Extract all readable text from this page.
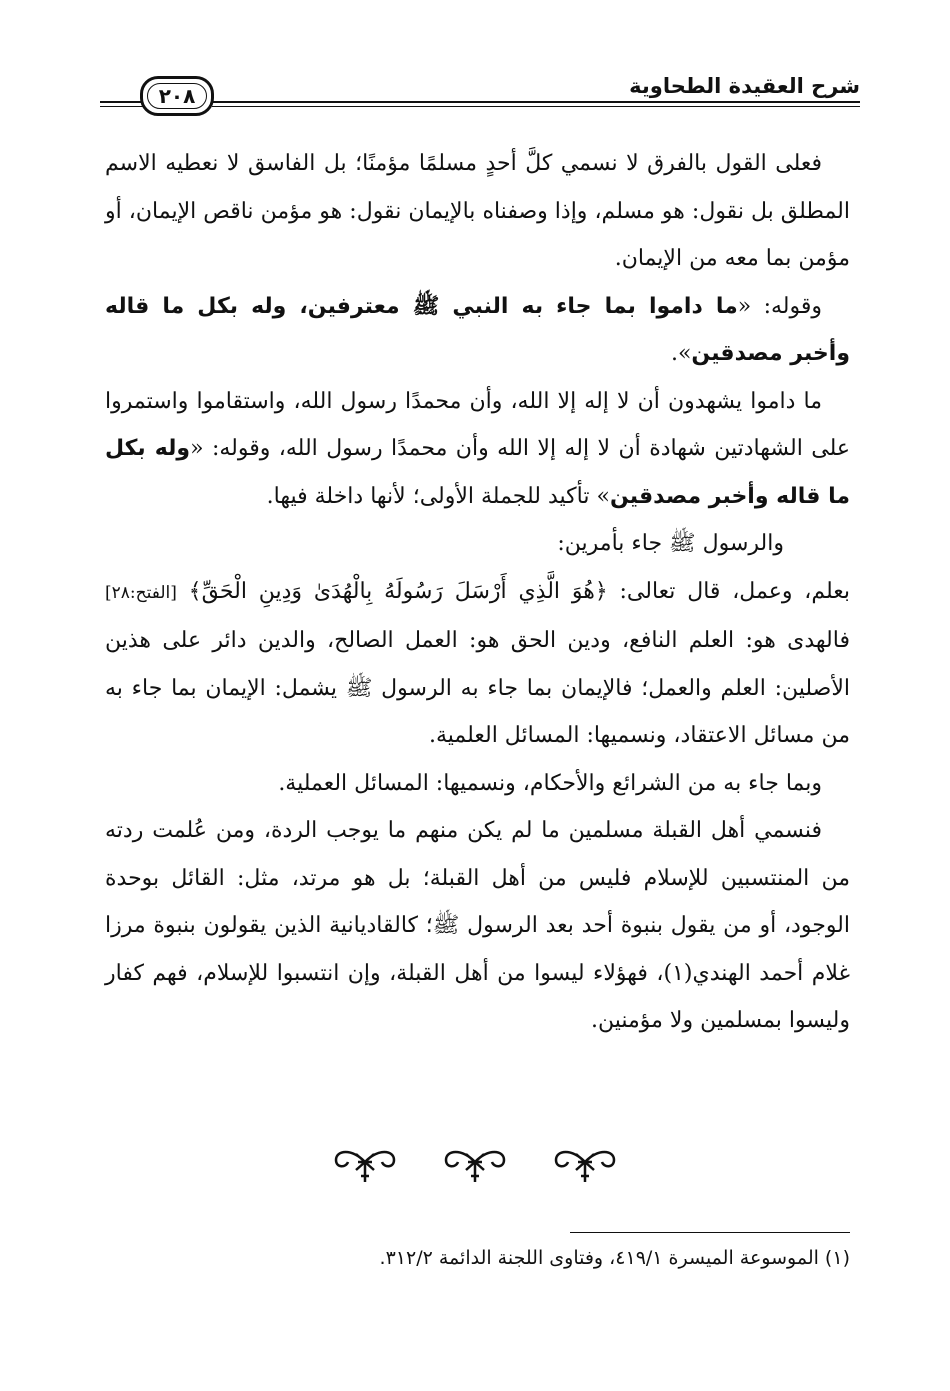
شرح العقيدة الطحاوية
٢٠٨

فعلى القول بالفرق لا نسمي كلَّ أحدٍ مسلمًا مؤمنًا؛ بل الفاسق لا نعطيه الاسم المطلق بل نقول: هو مسلم، وإذا وصفناه بالإيمان نقول: هو مؤمن ناقص الإيمان، أو مؤمن بما معه من الإيمان.

وقوله: «ما داموا بما جاء به النبي ﷺ معترفين، وله بكل ما قاله وأخبر مصدقين».

ما داموا يشهدون أن لا إله إلا الله، وأن محمدًا رسول الله، واستقاموا واستمروا على الشهادتين شهادة أن لا إله إلا الله وأن محمدًا رسول الله، وقوله: «وله بكل ما قاله وأخبر مصدقين» تأكيد للجملة الأولى؛ لأنها داخلة فيها.

والرسول ﷺ جاء بأمرين:

بعلم، وعمل، قال تعالى: ﴿هُوَ الَّذِي أَرْسَلَ رَسُولَهُ بِالْهُدَىٰ وَدِينِ الْحَقِّ﴾ [الفتح:٢٨] فالهدى هو: العلم النافع، ودين الحق هو: العمل الصالح، والدين دائر على هذين الأصلين: العلم والعمل؛ فالإيمان بما جاء به الرسول ﷺ يشمل: الإيمان بما جاء به من مسائل الاعتقاد، ونسميها: المسائل العلمية.

وبما جاء به من الشرائع والأحكام، ونسميها: المسائل العملية.

فنسمي أهل القبلة مسلمين ما لم يكن منهم ما يوجب الردة، ومن عُلمت ردته من المنتسبين للإسلام فليس من أهل القبلة؛ بل هو مرتد، مثل: القائل بوحدة الوجود، أو من يقول بنبوة أحد بعد الرسول ﷺ؛ كالقاديانية الذين يقولون بنبوة مرزا غلام أحمد الهندي(١)، فهؤلاء ليسوا من أهل القبلة، وإن انتسبوا للإسلام، فهم كفار وليسوا بمسلمين ولا مؤمنين.

(١) الموسوعة الميسرة ٤١٩/١، وفتاوى اللجنة الدائمة ٣١٢/٢.
